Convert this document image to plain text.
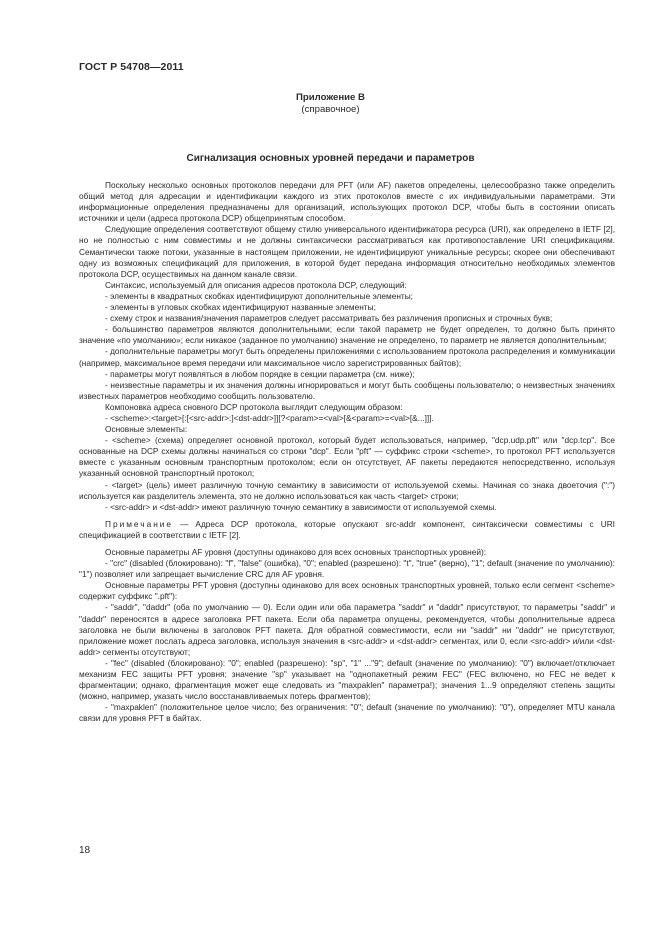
ГОСТ Р 54708—2011
Приложение В
(справочное)
Сигнализация основных уровней передачи и параметров

Поскольку несколько основных протоколов передачи для PFT (или AF) пакетов определены, целесообразно также определить общий метод для адресации и идентификации каждого из этих протоколов вместе с их индивидуальными параметрами. Эти информационные определения предназначены для организаций, использующих протокол DCP, чтобы быть в состоянии описать источники и цели (адреса протокола DCP) общепринятым способом.

Следующие определения соответствуют общему стилю универсального идентификатора ресурса (URI), как определено в IETF [2], но не полностью с ним совместимы и не должны синтаксически рассматриваться как противопоставление URI спецификациям. Семантически также потоки, указанные в настоящем приложении, не идентифицируют уникальные ресурсы; скорее они обеспечивают одну из возможных спецификаций для приложения, в которой будет передана информация относительно необходимых элементов протокола DCP, осуществимых на данном канале связи.

Синтаксис, используемый для описания адресов протокола DCP, следующий:

- элементы в квадратных скобках идентифицируют дополнительные элементы;

- элементы в угловых скобках идентифицируют названные элементы;

- схему строк и названия/значения параметров следует рассматривать без различения прописных и строчных букв;

- большинство параметров являются дополнительными; если такой параметр не будет определен, то должно быть принято значение «по умолчанию»; если никакое (заданное по умолчанию) значение не определено, то параметр не является дополнительным;

- дополнительные параметры могут быть определены приложениями с использованием протокола распределения и коммуникации (например, максимальное время передачи или максимальное число зарегистрированных байтов);

- параметры могут появляться в любом порядке в секции параметра (см. ниже);

- неизвестные параметры и их значения должны игнорироваться и могут быть сообщены пользователю; о неизвестных значениях известных параметров необходимо сообщить пользователю.

Компоновка адреса сновного DCP протокола выглядит следующим образом:

- <scheme>:<target>[:[<src-addr>:]<dst-addr>]][?<param>=<val>[&<param>=<val>[&...]]].

Основные элементы:

- <scheme> (схема) определяет основной протокол, который будет использоваться, например, "dcp.udp.pft" или "dcp.tcp". Все основанные на DCP схемы должны начинаться со строки "dcp". Если "pft" — суффикс строки <scheme>, то протокол PFT используется вместе с указанным основным транспортным протоколом; если он отсутствует, AF пакеты передаются непосредственно, используя указанный основной транспортный протокол;

- <target> (цель) имеет различную точную семантику в зависимости от используемой схемы. Начиная со знака двоеточия (":") используется как разделитель элемента, это не должно использоваться как часть <target> строки;

- <src-addr> и <dst-addr> имеют различную точную семантику в зависимости от используемой схемы.

Примечание — Адреса DCP протокола, которые опускают src-addr компонент, синтаксически совместимы с URI спецификацией в соответствии с IETF [2].

Основные параметры AF уровня (доступны одинаково для всех основных транспортных уровней):

- "crc" (disabled (блокировано): "f", "false" (ошибка), "0"; enabled (разрешено): "t", "true" (верно), "1"; default (значение по умолчанию): "1") позволяет или запрещает вычисление CRC для AF уровня.

Основные параметры PFT уровня (доступны одинаково для всех основных транспортных уровней, только если сегмент <scheme> содержит суффикс ".pft"):

- "saddr", "daddr" (оба по умолчанию — 0). Если один или оба параметра "saddr" и "daddr" присутствуют, то параметры "saddr" и "daddr" переносятся в адресе заголовка PFT пакета. Если оба параметра опущены, рекомендуется, чтобы дополнительные адреса заголовка не были включены в заголовок PFT пакета. Для обратной совместимости, если ни "saddr" ни "daddr" не присутствуют, приложение может послать адреса заголовка, используя значения в <src-addr> и <dst-addr> сегментах, или 0, если <src-addr> и/или <dst-addr> сегменты отсутствуют;

- "fec" (disabled (блокировано): "0"; enabled (разрешено): "sp", "1" ..."9"; default (значение по умолчанию): "0") включает/отключает механизм FEC защиты PFT уровня; значение "sp" указывает на "однопакетный режим FEC" (FEC включено, но FEC не ведет к фрагментации; однако, фрагментация может еще следовать из "maxpaklen" параметра!); значения 1...9 определяют степень защиты (можно, например, указать число восстанавливаемых потерь фрагментов);

- "maxpaklen" (положительное целое число; без ограничения: "0"; default (значение по умолчанию): "0"), определяет MTU канала связи для уровня PFT в байтах.

18
